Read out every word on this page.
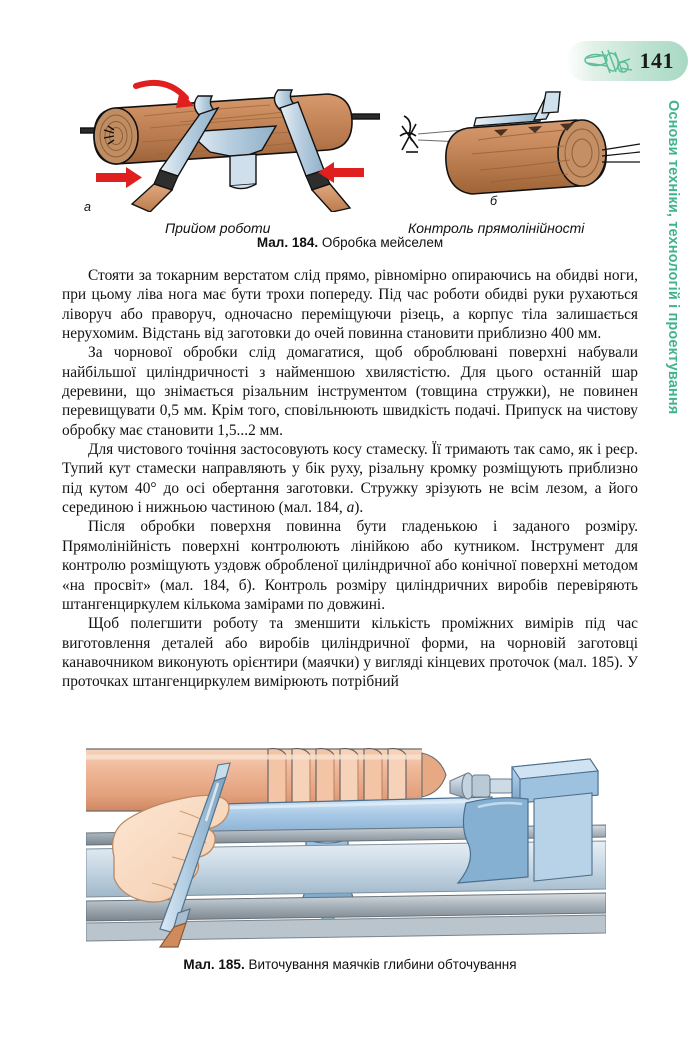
141
Основи техніки, технологій і проектування
а	б
Прийом роботи	Контроль прямолінійності
Мал. 184. Обробка мейселем

Стояти за токарним верстатом слід прямо, рівномірно опираючись на обидві ноги, при цьому ліва нога має бути трохи попереду. Під час роботи обидві руки рухаються ліворуч або праворуч, одночасно переміщуючи різець, а корпус тіла залишається нерухомим. Відстань від заготовки до очей повинна становити приблизно 400 мм.

За чорнової обробки слід домагатися, щоб оброблювані поверхні набували найбільшої циліндричності з найменшою хвилястістю. Для цього останній шар деревини, що знімається різальним інструментом (товщина стружки), не повинен перевищувати 0,5 мм. Крім того, сповільнюють швидкість подачі. Припуск на чистову обробку має становити 1,5...2 мм.

Для чистового точіння застосовують косу стамеску. Її тримають так само, як і реєр. Тупий кут стамески направляють у бік руху, різальну кромку розміщують приблизно під кутом 40° до осі обертання заготовки. Стружку зрізують не всім лезом, а його серединою і нижньою частиною (мал. 184, а).

Після обробки поверхня повинна бути гладенькою і заданого розміру. Прямолінійність поверхні контролюють лінійкою або кутником. Інструмент для контролю розміщують уздовж обробленої циліндричної або конічної поверхні методом «на просвіт» (мал. 184, б). Контроль розміру циліндричних виробів перевіряють штангенциркулем кількома замірами по довжині.

Щоб полегшити роботу та зменшити кількість проміжних вимірів під час виготовлення деталей або виробів циліндричної форми, на чорновій заготовці канавочником виконують орієнтири (маячки) у вигляді кінцевих проточок (мал. 185). У проточках штангенциркулем вимірюють потрібний

Мал. 185. Виточування маячків глибини обточування
